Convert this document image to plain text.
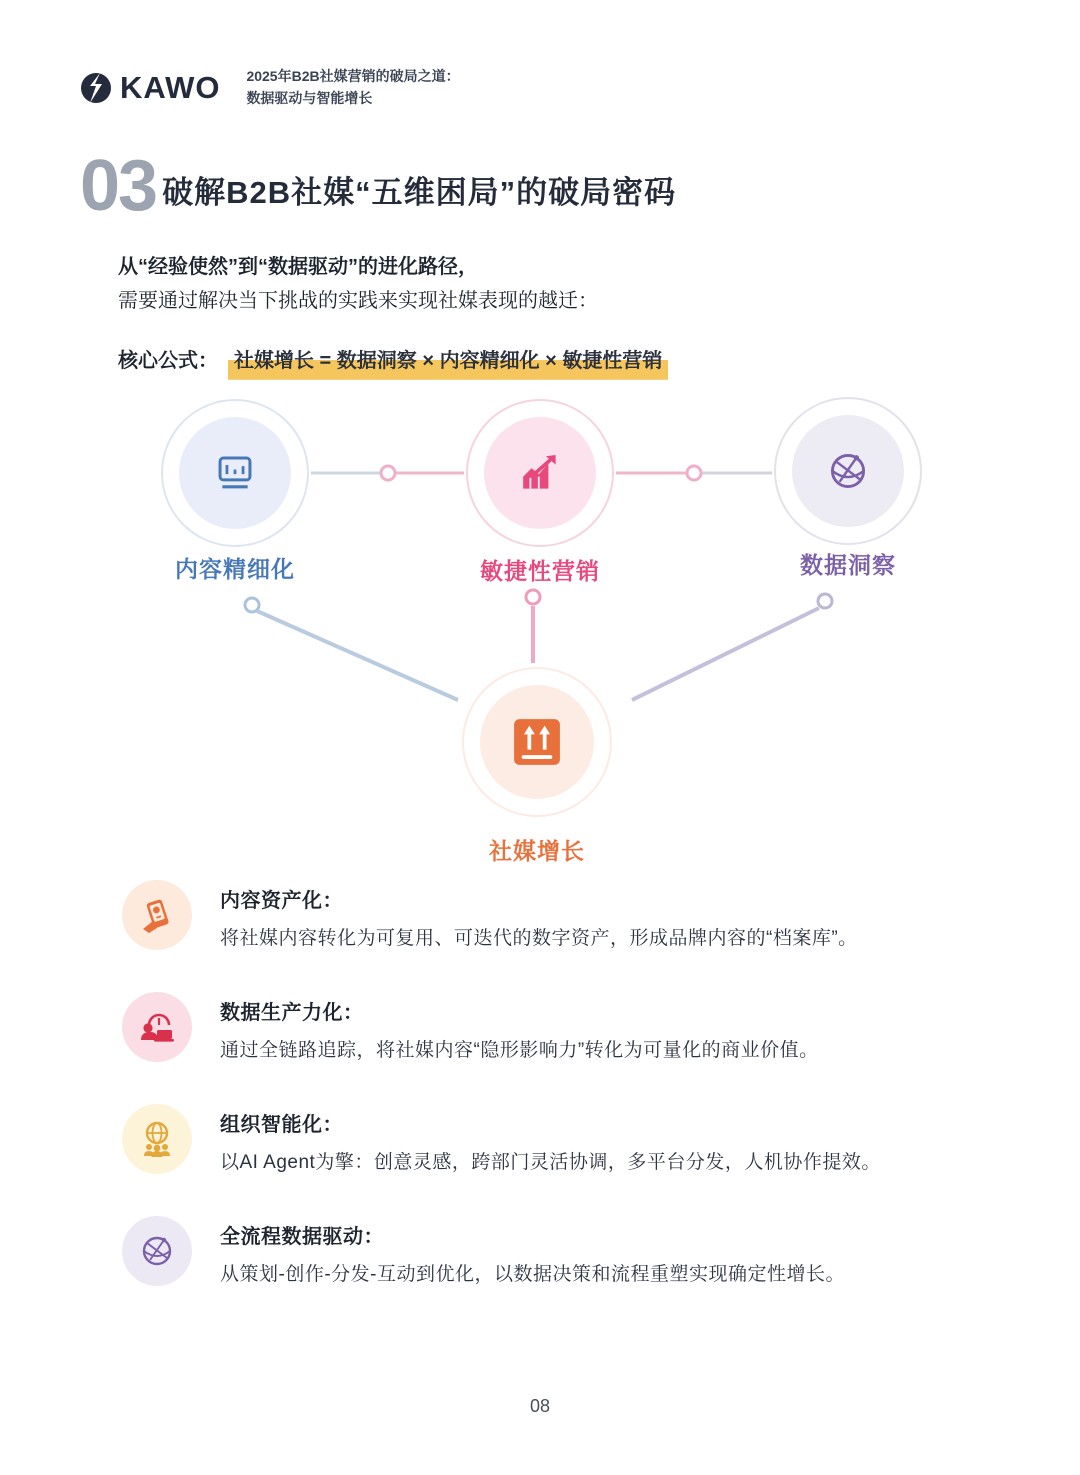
KAWO 2025年B2B社媒营销的破局之道：
数据驱动与智能增长
03 破解B2B社媒“五维困局”的破局密码
从“经验使然”到“数据驱动”的进化路径，
需要通过解决当下挑战的实践来实现社媒表现的越迁：
核心公式： 社媒增长 = 数据洞察 × 内容精细化 × 敏捷性营销
内容精细化	敏捷性营销	数据洞察
社媒增长
内容资产化：
将社媒内容转化为可复用、可迭代的数字资产，形成品牌内容的“档案库”。
数据生产力化：
通过全链路追踪，将社媒内容“隐形影响力”转化为可量化的商业价值。
组织智能化：
以AI Agent为擎：创意灵感，跨部门灵活协调，多平台分发，人机协作提效。
全流程数据驱动：
从策划-创作-分发-互动到优化，以数据决策和流程重塑实现确定性增长。
08
